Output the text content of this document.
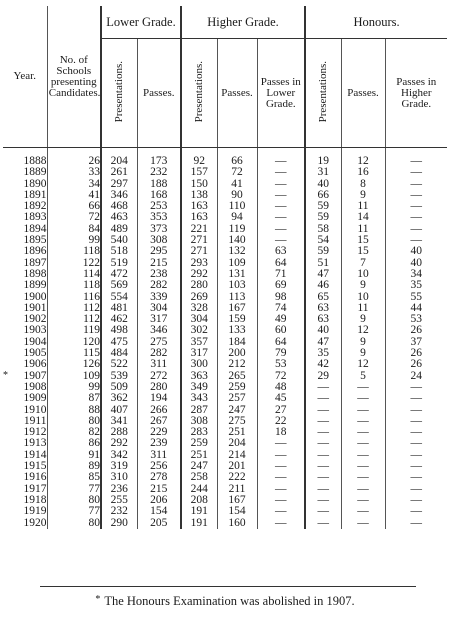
Year.	No. of Schools presenting Candidates.	Lower Grade.		Higher Grade.			Honours.		
		Presentations.	Passes.	Presentations.	Passes.	Passes in Lower Grade.	Presentations.	Passes.	Passes in Higher Grade.

1888	26	204	173	92	66	—	19	12	—
1889	33	261	232	157	72	—	31	16	—
1890	34	297	188	150	41	—	40	8	—
1891	41	346	168	138	90	—	66	9	—
1892	66	468	253	163	110	—	59	11	—
1893	72	463	353	163	94	—	59	14	—
1894	84	489	373	221	119	—	58	11	—
1895	99	540	308	271	140	—	54	15	—
1896	118	518	295	271	132	63	59	15	40
1897	122	519	215	293	109	64	51	7	40
1898	114	472	238	292	131	71	47	10	34
1899	118	569	282	280	103	69	46	9	35
1900	116	554	339	269	113	98	65	10	55
1901	112	481	304	328	167	74	63	11	44
1902	112	462	317	304	159	49	63	9	53
1903	119	498	346	302	133	60	40	12	26
1904	120	475	275	357	184	64	47	9	37
1905	115	484	282	317	200	79	35	9	26
1906	126	522	311	300	212	53	42	12	26

* 1907	109	539	272	363	265	72	29	5	24
1908	99	509	280	349	259	48	—	—	—
1909	87	362	194	343	257	45	—	—	—
1910	88	407	266	287	247	27	—	—	—
1911	80	341	267	308	275	22	—	—	—
1912	82	288	229	283	251	18	—	—	—
1913	86	292	239	259	204	—	—	—	—
1914	91	342	311	251	214	—	—	—	—
1915	89	319	256	247	201	—	—	—	—
1916	85	310	278	258	222	—	—	—	—
1917	77	236	215	244	211	—	—	—	—
1918	80	255	206	208	167	—	—	—	—
1919	77	232	154	191	154	—	—	—	—
1920	80	290	205	191	160	—	—	—	—
* The Honours Examination was abolished in 1907.
